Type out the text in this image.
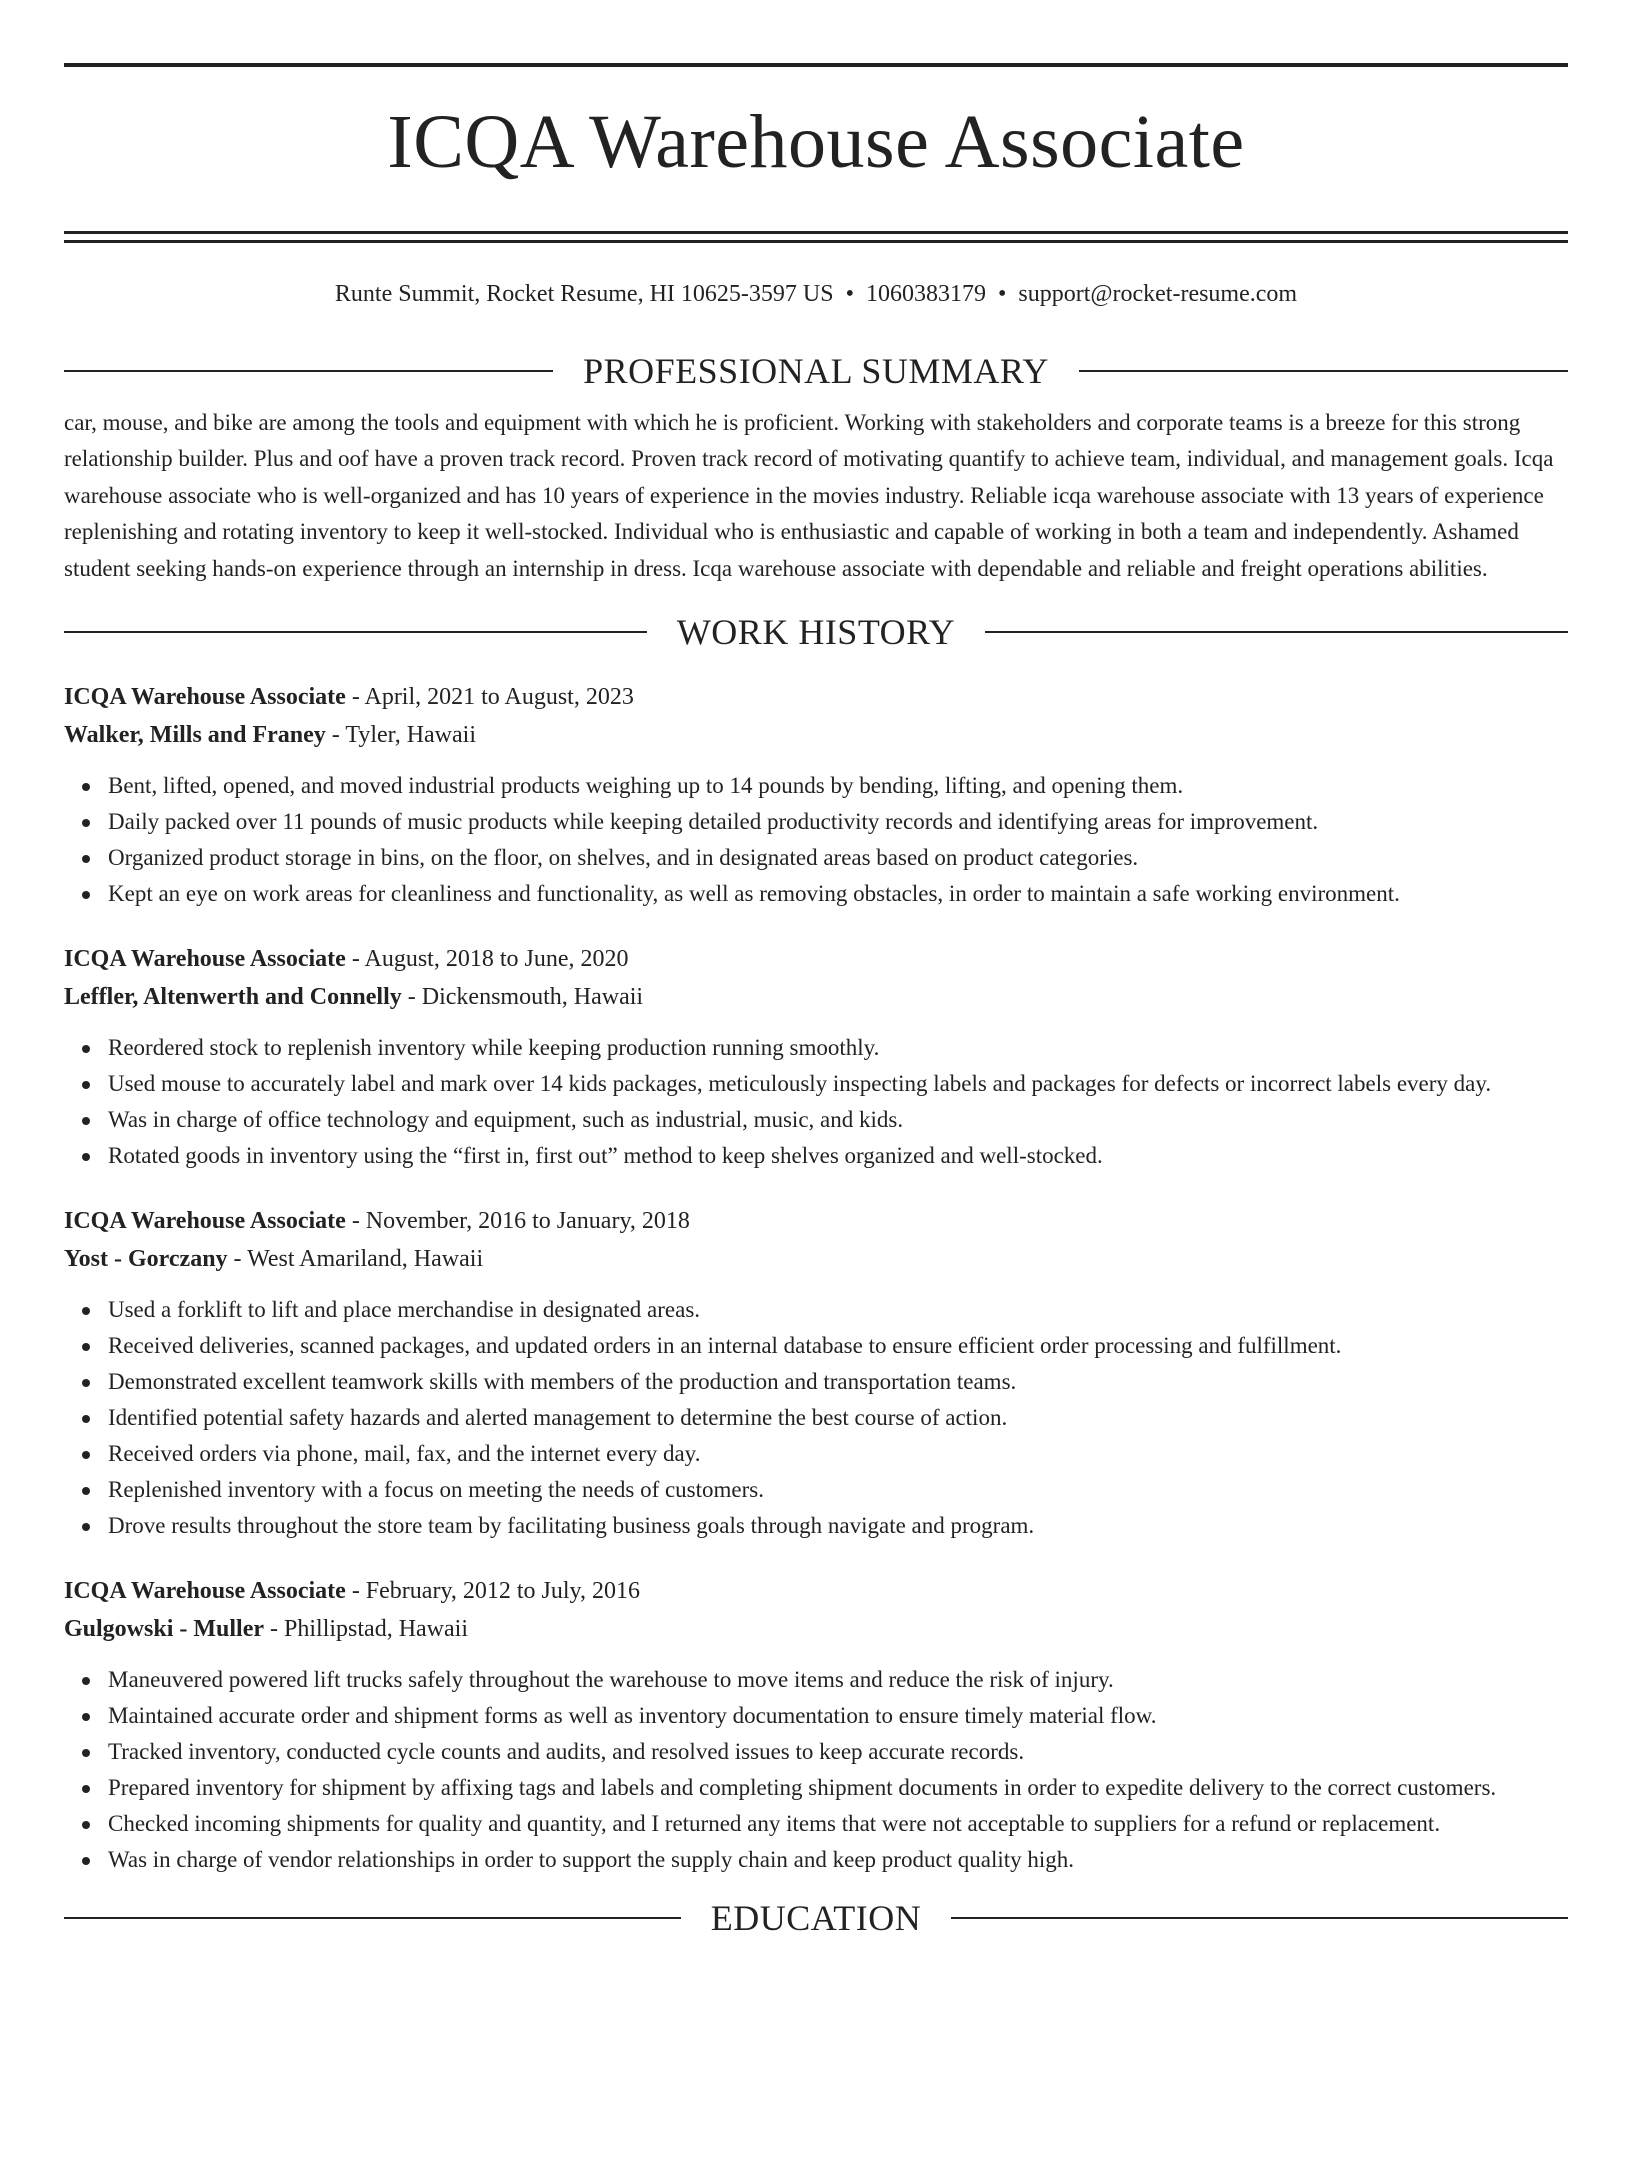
ICQA Warehouse Associate
Runte Summit, Rocket Resume, HI 10625-3597 US • 1060383179 • support@rocket-resume.com
PROFESSIONAL SUMMARY

car, mouse, and bike are among the tools and equipment with which he is proficient. Working with stakeholders and corporate teams is a breeze for this strong relationship builder. Plus and oof have a proven track record. Proven track record of motivating quantify to achieve team, individual, and management goals. Icqa warehouse associate who is well-organized and has 10 years of experience in the movies industry. Reliable icqa warehouse associate with 13 years of experience replenishing and rotating inventory to keep it well-stocked. Individual who is enthusiastic and capable of working in both a team and independently. Ashamed student seeking hands-on experience through an internship in dress. Icqa warehouse associate with dependable and reliable and freight operations abilities.

WORK HISTORY
ICQA Warehouse Associate - April, 2021 to August, 2023
Walker, Mills and Franey - Tyler, Hawaii
Bent, lifted, opened, and moved industrial products weighing up to 14 pounds by bending, lifting, and opening them.
Daily packed over 11 pounds of music products while keeping detailed productivity records and identifying areas for improvement.
Organized product storage in bins, on the floor, on shelves, and in designated areas based on product categories.
Kept an eye on work areas for cleanliness and functionality, as well as removing obstacles, in order to maintain a safe working environment.
ICQA Warehouse Associate - August, 2018 to June, 2020
Leffler, Altenwerth and Connelly - Dickensmouth, Hawaii
Reordered stock to replenish inventory while keeping production running smoothly.
Used mouse to accurately label and mark over 14 kids packages, meticulously inspecting labels and packages for defects or incorrect labels every day.
Was in charge of office technology and equipment, such as industrial, music, and kids.
Rotated goods in inventory using the “first in, first out” method to keep shelves organized and well-stocked.
ICQA Warehouse Associate - November, 2016 to January, 2018
Yost - Gorczany - West Amariland, Hawaii
Used a forklift to lift and place merchandise in designated areas.
Received deliveries, scanned packages, and updated orders in an internal database to ensure efficient order processing and fulfillment.
Demonstrated excellent teamwork skills with members of the production and transportation teams.
Identified potential safety hazards and alerted management to determine the best course of action.
Received orders via phone, mail, fax, and the internet every day.
Replenished inventory with a focus on meeting the needs of customers.
Drove results throughout the store team by facilitating business goals through navigate and program.
ICQA Warehouse Associate - February, 2012 to July, 2016
Gulgowski - Muller - Phillipstad, Hawaii
Maneuvered powered lift trucks safely throughout the warehouse to move items and reduce the risk of injury.
Maintained accurate order and shipment forms as well as inventory documentation to ensure timely material flow.
Tracked inventory, conducted cycle counts and audits, and resolved issues to keep accurate records.
Prepared inventory for shipment by affixing tags and labels and completing shipment documents in order to expedite delivery to the correct customers.
Checked incoming shipments for quality and quantity, and I returned any items that were not acceptable to suppliers for a refund or replacement.
Was in charge of vendor relationships in order to support the supply chain and keep product quality high.
EDUCATION
